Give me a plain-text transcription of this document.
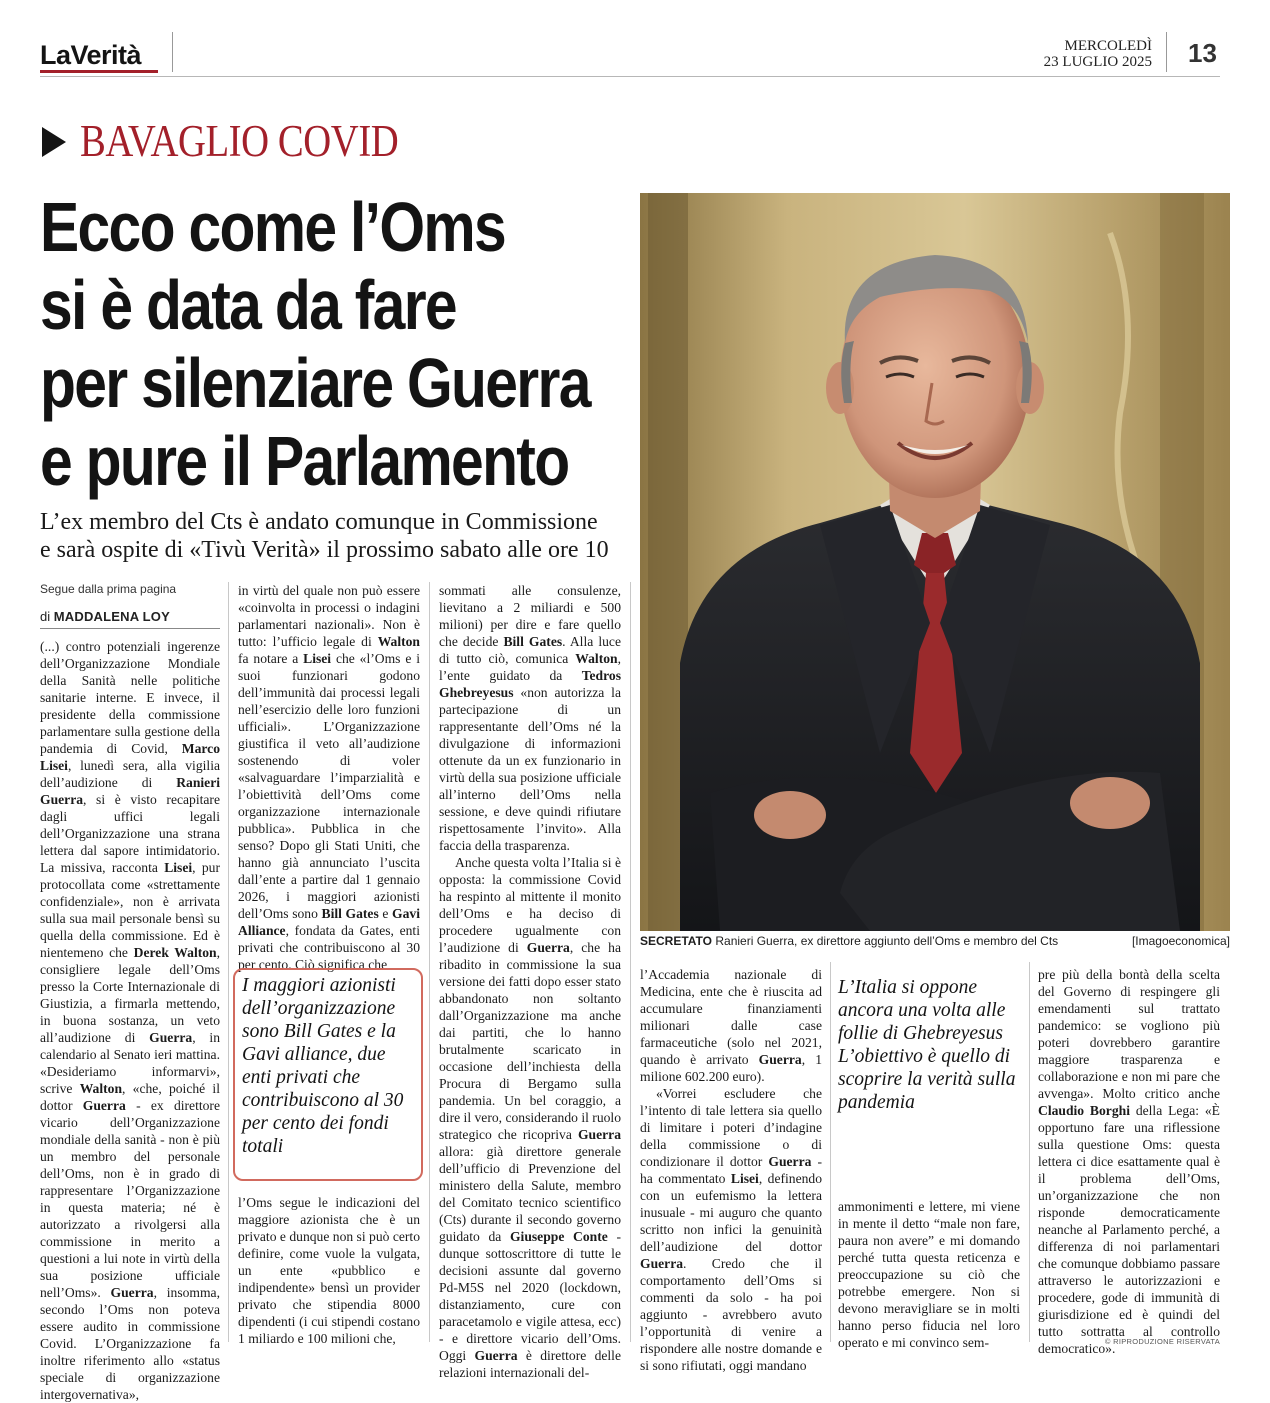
LaVerità	MERCOLEDÌ
23 LUGLIO 2025 13
BAVAGLIO COVID
Ecco come l’Oms
si è data da fare
per silenziare Guerra
e pure il Parlamento
L’ex membro del Cts è andato comunque in Commissione
e sarà ospite di «Tivù Verità» il prossimo sabato alle ore 10
Segue dalla prima pagina
di MADDALENA LOY

(...) contro potenziali ingerenze dell’Organizzazione Mondiale della Sanità nelle politiche sanitarie interne. E invece, il presidente della commissione parlamentare sulla gestione della pandemia di Covid, Marco Lisei, lunedì sera, alla vigilia dell’audizione di Ranieri Guerra, si è visto recapitare dagli uffici legali dell’Organizzazione una strana lettera dal sapore intimidatorio. La missiva, racconta Lisei, pur protocollata come «strettamente confidenziale», non è arrivata sulla sua mail personale bensì su quella della commissione. Ed è nientemeno che Derek Walton, consigliere legale dell’Oms presso la Corte Internazionale di Giustizia, a firmarla mettendo, in buona sostanza, un veto all’audizione di Guerra, in calendario al Senato ieri mattina. «Desideriamo informarvi», scrive Walton, «che, poiché il dottor Guerra - ex direttore vicario dell’Organizzazione mondiale della sanità - non è più un membro del personale dell’Oms, non è in grado di rappresentare l’Organizzazione in questa materia; né è autorizzato a rivolgersi alla commissione in merito a questioni a lui note in virtù della sua posizione ufficiale nell’Oms». Guerra, insomma, secondo l’Oms non poteva essere audito in commissione Covid. L’Organizzazione fa inoltre riferimento allo «status speciale di organizzazione intergovernativa»,

in virtù del quale non può essere «coinvolta in processi o indagini parlamentari nazionali». Non è tutto: l’ufficio legale di Walton fa notare a Lisei che «l’Oms e i suoi funzionari godono dell’immunità dai processi legali nell’esercizio delle loro funzioni ufficiali». L’Organizzazione giustifica il veto all’audizione sostenendo di voler «salvaguardare l’imparzialità e l’obiettività dell’Oms come organizzazione internazionale pubblica». Pubblica in che senso? Dopo gli Stati Uniti, che hanno già annunciato l’uscita dall’ente a partire dal 1 gennaio 2026, i maggiori azionisti dell’Oms sono Bill Gates e Gavi Alliance, fondata da Gates, enti privati che contribuiscono al 30 per cento. Ciò significa che

l’Oms segue le indicazioni del maggiore azionista che è un privato e dunque non si può certo definire, come vuole la vulgata, un ente «pubblico e indipendente» bensì un provider privato che stipendia 8000 dipendenti (i cui stipendi costano 1 miliardo e 100 milioni che,

I maggiori azionisti dell’organizzazione sono Bill Gates e la Gavi alliance, due enti privati che contribuiscono al 30 per cento dei fondi totali

sommati alle consulenze, lievitano a 2 miliardi e 500 milioni) per dire e fare quello che decide Bill Gates. Alla luce di tutto ciò, comunica Walton, l’ente guidato da Tedros Ghebreyesus «non autorizza la partecipazione di un rappresentante dell’Oms né la divulgazione di informazioni ottenute da un ex funzionario in virtù della sua posizione ufficiale all’interno dell’Oms nella sessione, e deve quindi rifiutare rispettosamente l’invito». Alla faccia della trasparenza.

Anche questa volta l’Italia si è opposta: la commissione Covid ha respinto al mittente il monito dell’Oms e ha deciso di procedere ugualmente con l’audizione di Guerra, che ha ribadito in commissione la sua versione dei fatti dopo esser stato abbandonato non soltanto dall’Organizzazione ma anche dai partiti, che lo hanno brutalmente scaricato in occasione dell’inchiesta della Procura di Bergamo sulla pandemia. Un bel coraggio, a dire il vero, considerando il ruolo strategico che ricopriva Guerra allora: già direttore generale dell’ufficio di Prevenzione del ministero della Salute, membro del Comitato tecnico scientifico (Cts) durante il secondo governo guidato da Giuseppe Conte - dunque sottoscrittore di tutte le decisioni assunte dal governo Pd-M5S nel 2020 (lockdown, distanziamento, cure con paracetamolo e vigile attesa, ecc) - e direttore vicario dell’Oms. Oggi Guerra è direttore delle relazioni internazionali del-

SECRETATO Ranieri Guerra, ex direttore aggiunto dell’Oms e membro del Cts	[Imagoeconomica]

l’Accademia nazionale di Medicina, ente che è riuscita ad accumulare finanziamenti milionari dalle case farmaceutiche (solo nel 2021, quando è arrivato Guerra, 1 milione 602.200 euro).

«Vorrei escludere che l’intento di tale lettera sia quello di limitare i poteri d’indagine della commissione o di condizionare il dottor Guerra - ha commentato Lisei, definendo con un eufemismo la lettera inusuale - mi auguro che quanto scritto non infici la genuinità dell’audizione del dottor Guerra. Credo che il comportamento dell’Oms si commenti da solo - ha poi aggiunto - avrebbero avuto l’opportunità di venire a rispondere alle nostre domande e si sono rifiutati, oggi mandano

L’Italia si oppone ancora una volta alle follie di Ghebreyesus L’obiettivo è quello di scoprire la verità sulla pandemia

ammonimenti e lettere, mi viene in mente il detto “male non fare, paura non avere” e mi domando perché tutta questa reticenza e preoccupazione su ciò che potrebbe emergere. Non si devono meravigliare se in molti hanno perso fiducia nel loro operato e mi convinco sem-

pre più della bontà della scelta del Governo di respingere gli emendamenti sul trattato pandemico: se vogliono più poteri dovrebbero garantire maggiore trasparenza e collaborazione e non mi pare che avvenga». Molto critico anche Claudio Borghi della Lega: «È opportuno fare una riflessione sulla questione Oms: questa lettera ci dice esattamente qual è il problema dell’Oms, un’organizzazione che non risponde democraticamente neanche al Parlamento perché, a differenza di noi parlamentari che comunque dobbiamo passare attraverso le autorizzazioni e procedere, gode di immunità di giurisdizione ed è quindi del tutto sottratta al controllo democratico».

© RIPRODUZIONE RISERVATA
